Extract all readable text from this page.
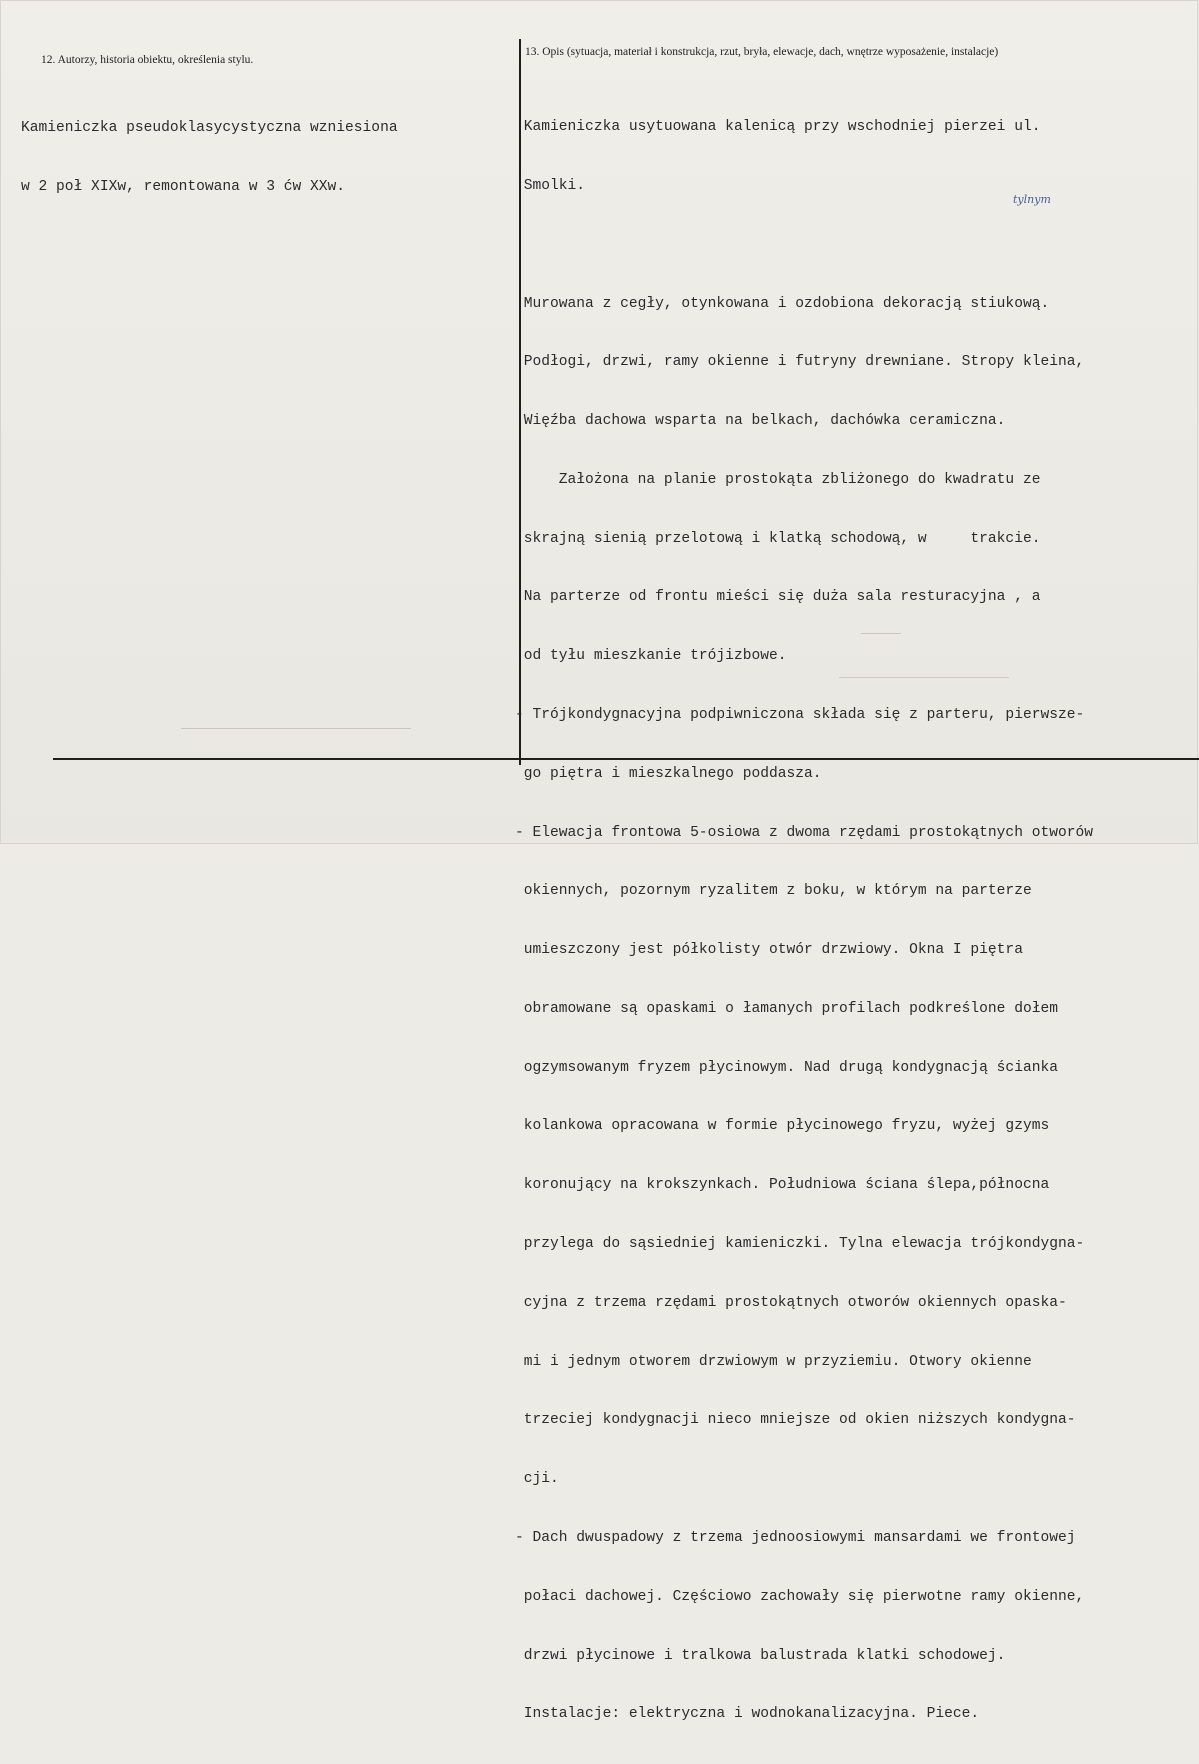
12. Autorzy, historia obiektu, określenia stylu.
13. Opis (sytuacja, materiał i konstrukcja, rzut, bryła, elewacje, dach, wnętrze wyposażenie, instalacje)

Kamieniczka pseudoklasycystyczna wzniesiona

w 2 poł XIXw, remontowana w 3 ćw XXw.

Kamieniczka usytuowana kalenicą przy wschodniej pierzei ul.

Smolki.

Murowana z cegły, otynkowana i ozdobiona dekoracją stiukową.

Podłogi, drzwi, ramy okienne i futryny drewniane. Stropy kleina,

Więźba dachowa wsparta na belkach, dachówka ceramiczna.

Założona na planie prostokąta zbliżonego do kwadratu ze

skrajną sienią przelotową i klatką schodową, w     trakcie.

Na parterze od frontu mieści się duża sala resturacyjna , a

od tyłu mieszkanie trójizbowe.

- Trójkondygnacyjna podpiwniczona składa się z parteru, pierwsze-

go piętra i mieszkalnego poddasza.

- Elewacja frontowa 5-osiowa z dwoma rzędami prostokątnych otworów

okiennych, pozornym ryzalitem z boku, w którym na parterze

umieszczony jest półkolisty otwór drzwiowy. Okna I piętra

obramowane są opaskami o łamanych profilach podkreślone dołem

ogzymsowanym fryzem płycinowym. Nad drugą kondygnacją ścianka

kolankowa opracowana w formie płycinowego fryzu, wyżej gzyms

koronujący na krokszynkach. Południowa ściana ślepa,północna

przylega do sąsiedniej kamieniczki. Tylna elewacja trójkondygna-

cyjna z trzema rzędami prostokątnych otworów okiennych opaska-

mi i jednym otworem drzwiowym w przyziemiu. Otwory okienne

trzeciej kondygnacji nieco mniejsze od okien niższych kondygna-

cji.

- Dach dwuspadowy z trzema jednoosiowymi mansardami we frontowej

połaci dachowej. Częściowo zachowały się pierwotne ramy okienne,

drzwi płycinowe i tralkowa balustrada klatki schodowej.

Instalacje: elektryczna i wodnokanalizacyjna. Piece.

tylnym
